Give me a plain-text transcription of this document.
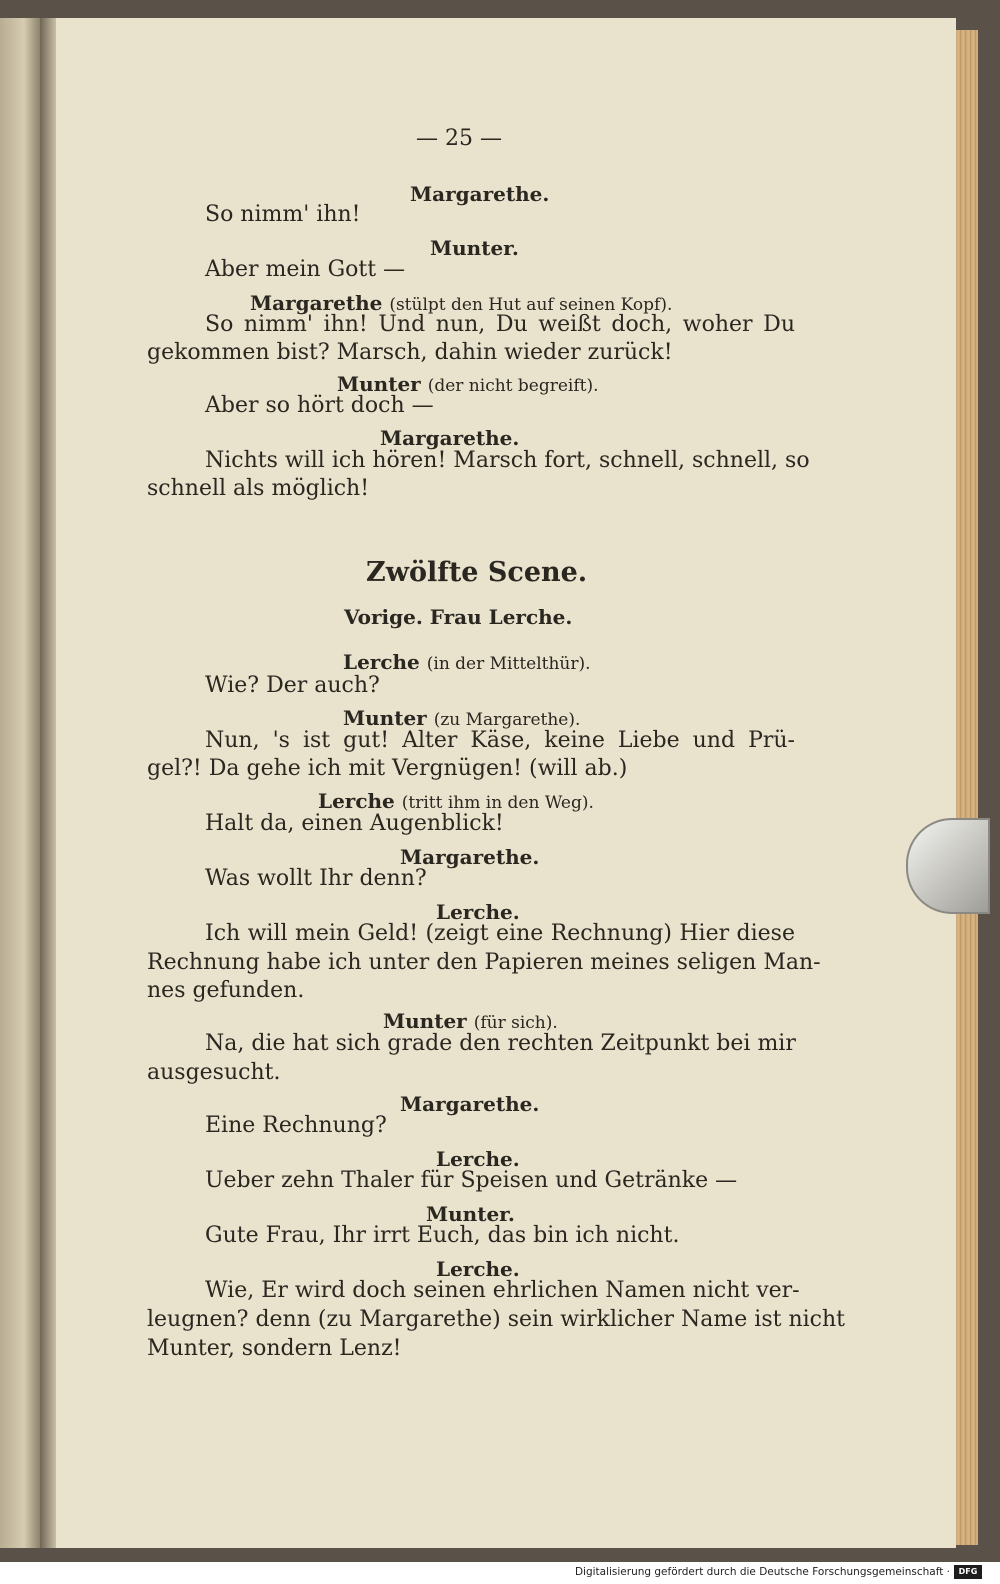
— 25 —
Margarethe.
So nimm' ihn!
Munter.
Aber mein Gott —
Margarethe (stülpt den Hut auf seinen Kopf).
So nimm' ihn! Und nun, Du weißt doch, woher Du
gekommen bist? Marsch, dahin wieder zurück!
Munter (der nicht begreift).
Aber so hört doch —
Margarethe.
Nichts will ich hören! Marsch fort, schnell, schnell, so
schnell als möglich!
Zwölfte Scene.
Vorige. Frau Lerche.
Lerche (in der Mittelthür).
Wie? Der auch?
Munter (zu Margarethe).
Nun, 's ist gut! Alter Käse, keine Liebe und Prü-
gel?! Da gehe ich mit Vergnügen! (will ab.)
Lerche (tritt ihm in den Weg).
Halt da, einen Augenblick!
Margarethe.
Was wollt Ihr denn?
Lerche.
Ich will mein Geld! (zeigt eine Rechnung) Hier diese
Rechnung habe ich unter den Papieren meines seligen Man-
nes gefunden.
Munter (für sich).
Na, die hat sich grade den rechten Zeitpunkt bei mir
ausgesucht.
Margarethe.
Eine Rechnung?
Lerche.
Ueber zehn Thaler für Speisen und Getränke —
Munter.
Gute Frau, Ihr irrt Euch, das bin ich nicht.
Lerche.
Wie, Er wird doch seinen ehrlichen Namen nicht ver-
leugnen? denn (zu Margarethe) sein wirklicher Name ist nicht
Munter, sondern Lenz!
Digitalisierung gefördert durch die Deutsche Forschungsgemeinschaft ·	DFG
